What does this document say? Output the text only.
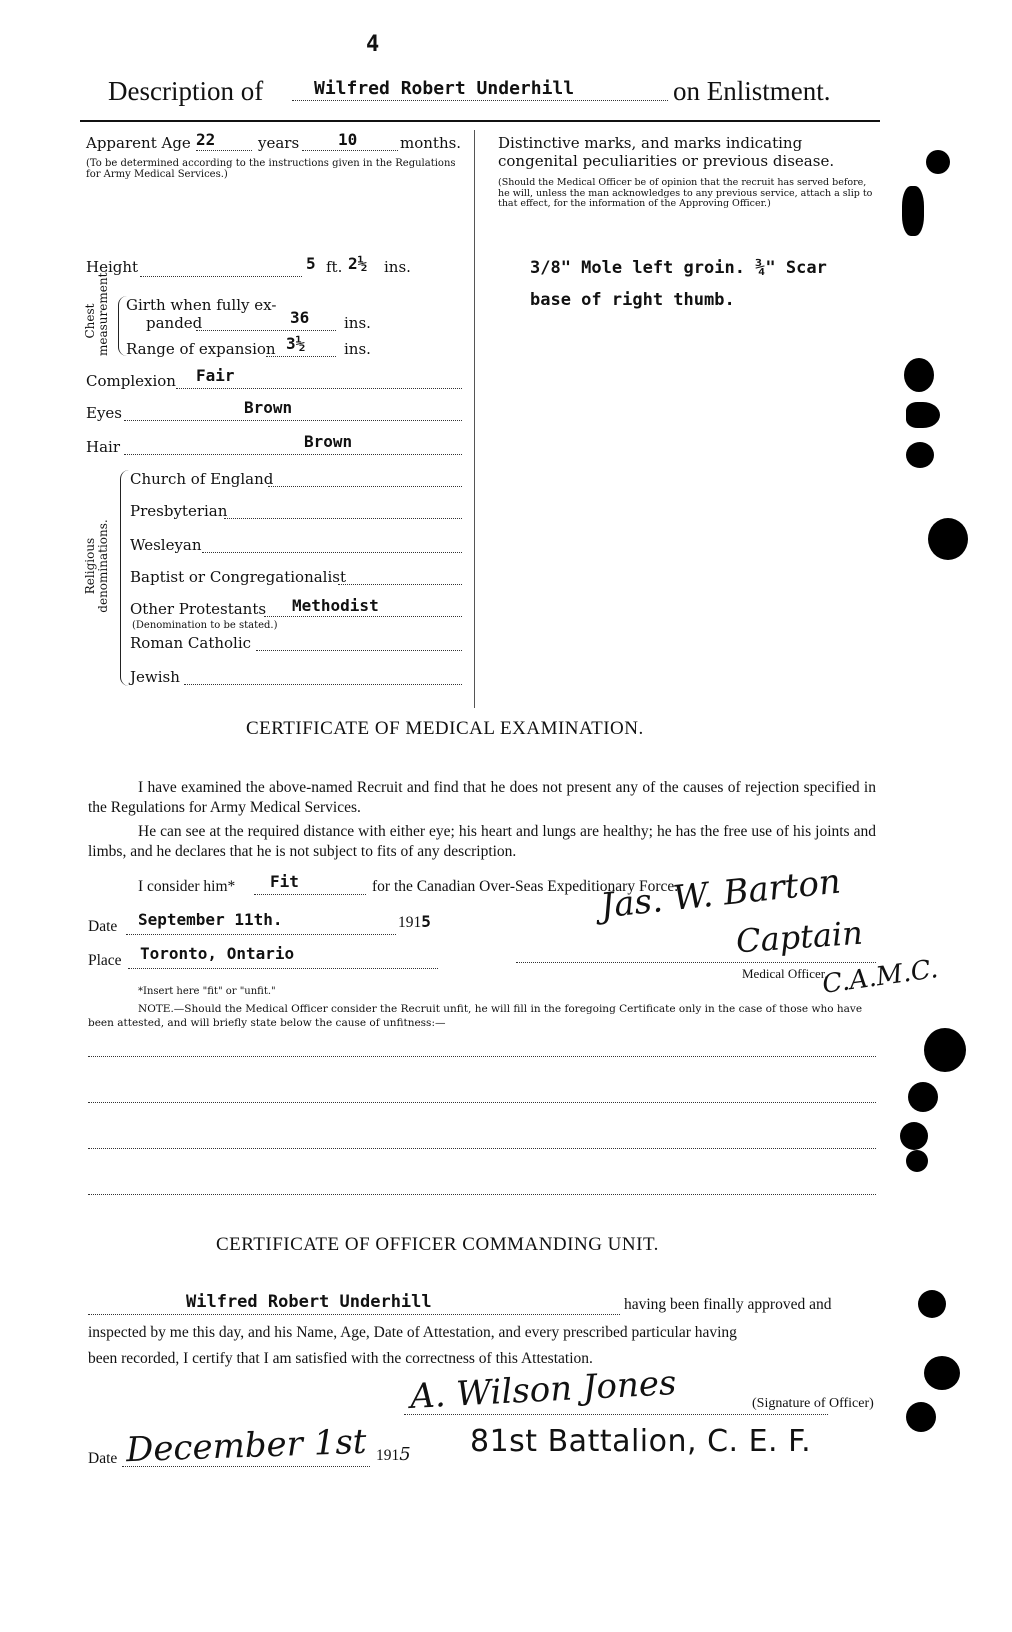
4
Description of	Wilfred Robert Underhill	on Enlistment.
Apparent Age 22	years 10	months.
(To be determined according to the instructions given in the Regulations for Army Medical Services.)
Height	5 ft. 2½ ins.
Chest measurement. Girth when fully ex-
panded	36 ins.
Range of expansion 3½	ins.
Complexion Fair
Eyes	Brown
Hair	Brown
Religious denominations.
Church of England
Presbyterian
Wesleyan
Baptist or Congregationalist
Other Protestants Methodist
(Denomination to be stated.)
Roman Catholic
Jewish
Distinctive marks, and marks indicating congenital peculiarities or previous disease.
(Should the Medical Officer be of opinion that the recruit has served before, he will, unless the man acknowledges to any previous service, attach a slip to that effect, for the information of the Approving Officer.)
3/8" Mole left groin. ¾" Scar
base of right thumb.
CERTIFICATE OF MEDICAL EXAMINATION.
I have examined the above-named Recruit and find that he does not present any of the causes of rejection specified in the Regulations for Army Medical Services.
He can see at the required distance with either eye; his heart and lungs are healthy; he has the free use of his joints and limbs, and he declares that he is not subject to fits of any description.
I consider him* Fit	for the Canadian Over-Seas Expeditionary Force.
Date September 11th.	1915
Place Toronto, Ontario
Medical Officer.
Jas. W. Barton
Captain
C.A.M.C.
*Insert here "fit" or "unfit."
NOTE.—Should the Medical Officer consider the Recruit unfit, he will fill in the foregoing Certificate only in the case of those who have been attested, and will briefly state below the cause of unfitness:—
CERTIFICATE OF OFFICER COMMANDING UNIT.
Wilfred Robert Underhill	having been finally approved and
inspected by me this day, and his Name, Age, Date of Attestation, and every prescribed particular having
been recorded, I certify that I am satisfied with the correctness of this Attestation.
A. Wilson Jones	(Signature of Officer)
Date December 1st 1915 81st Battalion, C. E. F.
